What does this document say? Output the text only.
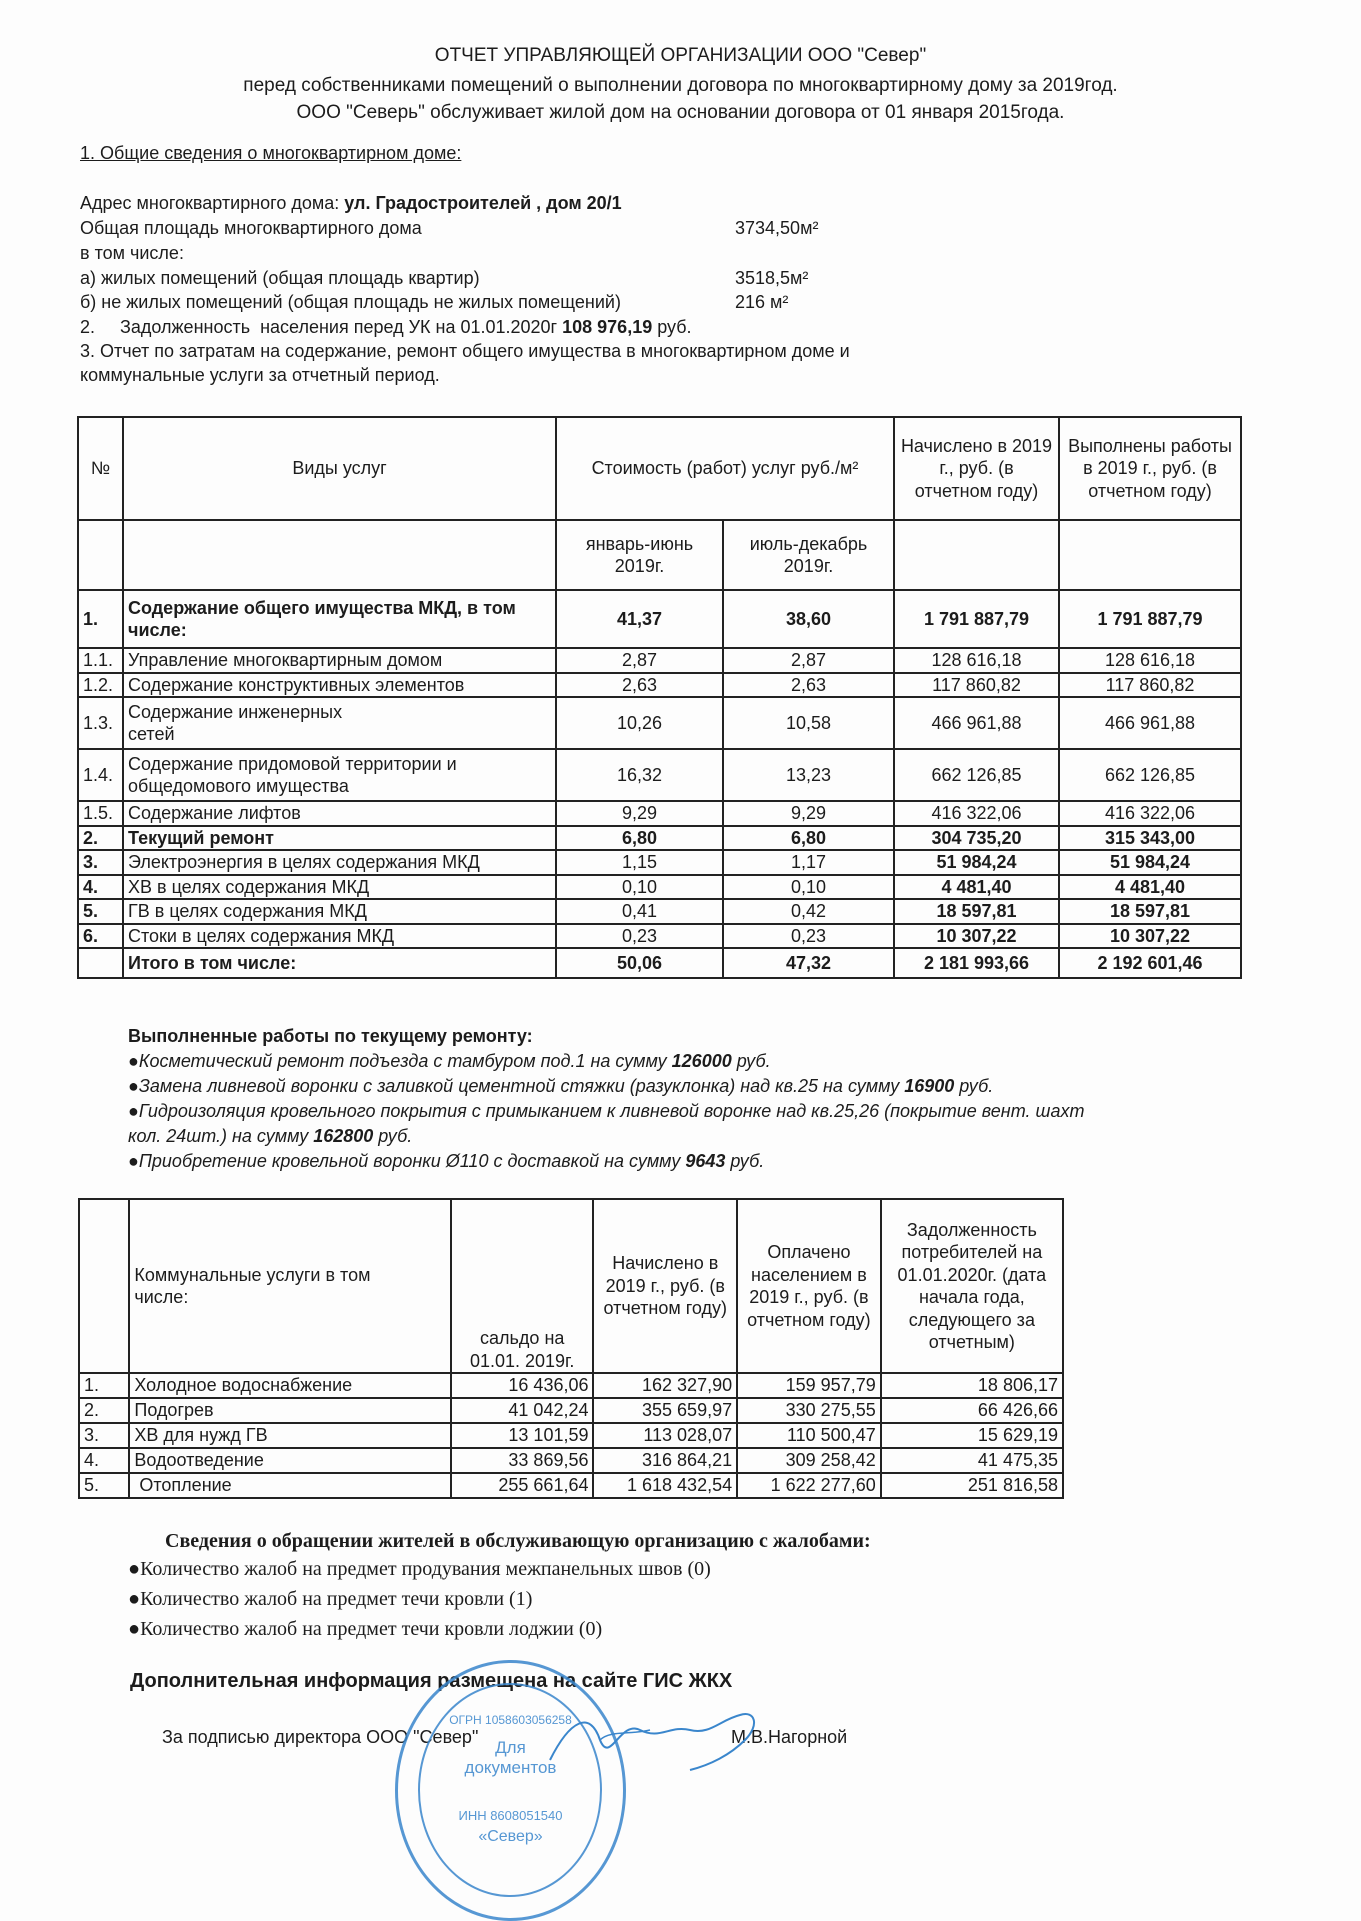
ОТЧЕТ УПРАВЛЯЮЩЕЙ ОРГАНИЗАЦИИ ООО "Север"
перед собственниками помещений о выполнении договора по многоквартирному дому за 2019год.
ООО "Северь" обслуживает жилой дом на основании договора от 01 января 2015года.
1. Общие сведения о многоквартирном доме:
Адрес многоквартирного дома: ул. Градостроителей , дом 20/1
Общая площадь многоквартирного дома	3734,50м²
в том числе:
а) жилых помещений (общая площадь квартир)	3518,5м²
б) не жилых помещений (общая площадь не жилых помещений)	216 м²
2.     Задолженность  населения перед УК на 01.01.2020г 108 976,19 руб.
3. Отчет по затратам на содержание, ремонт общего имущества в многоквартирном доме и
коммунальные услуги за отчетный период.
№	Виды услуг	Стоимость (работ) услуг руб./м²		Начислено в 2019 г., руб. (в отчетном году)	Выполнены работы в 2019 г., руб. (в отчетном году)
		январь-июнь 2019г.	июль-декабрь 2019г.		
1.	Содержание общего имущества МКД, в том числе:	41,37	38,60	1 791 887,79	1 791 887,79
1.1.	Управление многоквартирным домом	2,87	2,87	128 616,18	128 616,18
1.2.	Содержание конструктивных элементов	2,63	2,63	117 860,82	117 860,82
1.3.	Содержание инженерных сетей	10,26	10,58	466 961,88	466 961,88
1.4.	Содержание придомовой территории и общедомового имущества	16,32	13,23	662 126,85	662 126,85
1.5.	Содержание лифтов	9,29	9,29	416 322,06	416 322,06
2.	Текущий ремонт	6,80	6,80	304 735,20	315 343,00
3.	Электроэнергия в целях содержания МКД	1,15	1,17	51 984,24	51 984,24
4.	ХВ в целях содержания МКД	0,10	0,10	4 481,40	4 481,40
5.	ГВ в целях содержания МКД	0,41	0,42	18 597,81	18 597,81
6.	Стоки в целях содержания МКД	0,23	0,23	10 307,22	10 307,22
	Итого в том числе:	50,06	47,32	2 181 993,66	2 192 601,46
Выполненные работы по текущему ремонту:
●Косметический ремонт подъезда с тамбуром под.1 на сумму 126000 руб.
●Замена ливневой воронки с заливкой цементной стяжки (разуклонка) над кв.25 на сумму 16900 руб.
●Гидроизоляция кровельного покрытия с примыканием к ливневой воронке над кв.25,26 (покрытие вент. шахт
кол. 24шт.) на сумму 162800 руб.
●Приобретение кровельной воронки Ø110 с доставкой на сумму 9643 руб.
	Коммунальные услуги в том числе:	сальдо на 01.01. 2019г.	Начислено в 2019 г., руб. (в отчетном году)	Оплачено населением в 2019 г., руб. (в отчетном году)	Задолженность потребителей на 01.01.2020г. (дата начала года, следующего за отчетным)
1.	Холодное водоснабжение	16 436,06	162 327,90	159 957,79	18 806,17
2.	Подогрев	41 042,24	355 659,97	330 275,55	66 426,66
3.	ХВ для нужд ГВ	13 101,59	113 028,07	110 500,47	15 629,19
4.	Водоотведение	33 869,56	316 864,21	309 258,42	41 475,35
5.	Отопление	255 661,64	1 618 432,54	1 622 277,60	251 816,58
Сведения о обращении жителей в обслуживающую организацию с жалобами:
●Количество жалоб на предмет продувания межпанельных швов (0)
●Количество жалоб на предмет течи кровли (1)
●Количество жалоб на предмет течи кровли лоджии (0)
Дополнительная информация размещена на сайте ГИС ЖКХ
За подписью директора ООО "Север"	М.В.Нагорной
Для
документов
ОГРН 1058603056258
ИНН 8608051540
«Север»
